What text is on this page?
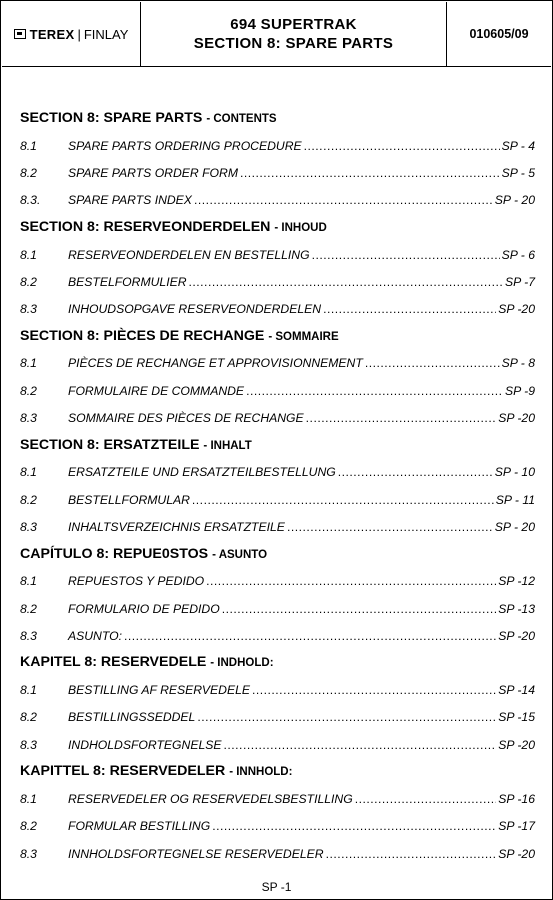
TEREX | FINLAY
694 SUPERTRAK
SECTION 8: SPARE PARTS
010605/09
SECTION 8: SPARE PARTS - CONTENTS
8.1	SPARE PARTS ORDERING PROCEDURE .....	SP - 4
8.2	SPARE PARTS ORDER FORM .....	SP - 5
8.3.	SPARE PARTS INDEX .....	SP - 20
SECTION 8: RESERVEONDERDELEN - INHOUD
8.1	RESERVEONDERDELEN EN BESTELLING .....	SP - 6
8.2	BESTELFORMULIER .....	SP -7
8.3	INHOUDSOPGAVE RESERVEONDERDELEN .....	SP -20
SECTION 8: PIÈCES DE RECHANGE - SOMMAIRE
8.1	PIÈCES DE RECHANGE ET APPROVISIONNEMENT .....	SP - 8
8.2	FORMULAIRE DE COMMANDE .....	SP -9
8.3	SOMMAIRE DES PIÈCES DE RECHANGE .....	SP -20
SECTION 8: ERSATZTEILE - INHALT
8.1	ERSATZTEILE UND ERSATZTEILBESTELLUNG .....	SP - 10
8.2	BESTELLFORMULAR .....	SP - 11
8.3	INHALTSVERZEICHNIS ERSATZTEILE .....	SP - 20
CAPÍTULO 8: REPUE0STOS - ASUNTO
8.1	REPUESTOS Y PEDIDO .....	SP -12
8.2	FORMULARIO DE PEDIDO .....	SP -13
8.3	ASUNTO: .....	SP -20
KAPITEL 8: RESERVEDELE - INDHOLD:
8.1	BESTILLING AF RESERVEDELE .....	SP -14
8.2	BESTILLINGSSEDDEL .....	SP -15
8.3	INDHOLDSFORTEGNELSE .....	SP -20
KAPITTEL 8: RESERVEDELER - INNHOLD:
8.1	RESERVEDELER OG RESERVEDELSBESTILLING .....	SP -16
8.2	FORMULAR BESTILLING .....	SP -17
8.3	INNHOLDSFORTEGNELSE RESERVEDELER .....	SP -20
SP -1
